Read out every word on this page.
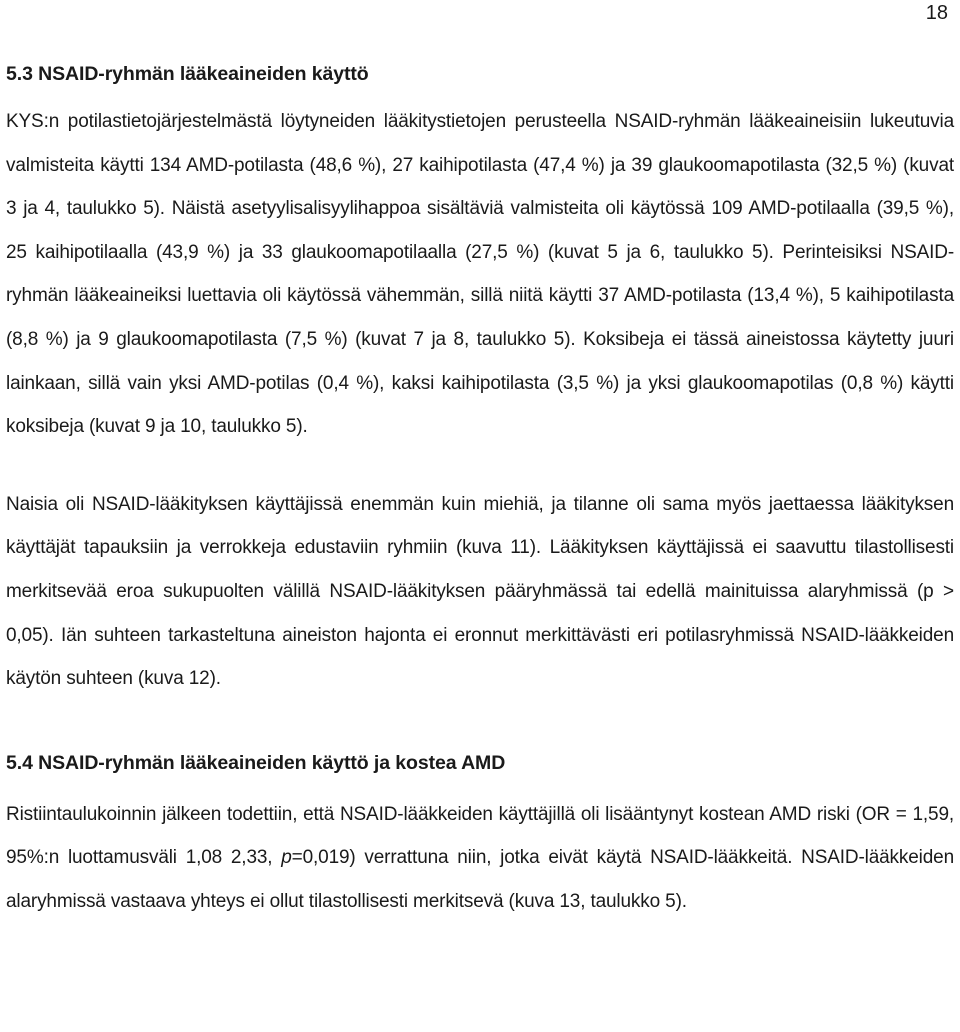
18
5.3 NSAID-ryhmän lääkeaineiden käyttö

KYS:n potilastietojärjestelmästä löytyneiden lääkitystietojen perusteella NSAID-ryhmän lääkeaineisiin lukeutuvia valmisteita käytti 134 AMD-potilasta (48,6 %), 27 kaihipotilasta (47,4 %) ja 39 glaukoomapotilasta (32,5 %) (kuvat 3 ja 4, taulukko 5). Näistä asetyylisalisyylihappoa sisältäviä valmisteita oli käytössä 109 AMD-potilaalla (39,5 %), 25 kaihipotilaalla (43,9 %) ja 33 glaukoomapotilaalla (27,5 %) (kuvat 5 ja 6, taulukko 5). Perinteisiksi NSAID-ryhmän lääkeaineiksi luettavia oli käytössä vähemmän, sillä niitä käytti 37 AMD-potilasta (13,4 %), 5 kaihipotilasta (8,8 %) ja 9 glaukoomapotilasta (7,5 %) (kuvat 7 ja 8, taulukko 5). Koksibeja ei tässä aineistossa käytetty juuri lainkaan, sillä vain yksi AMD-potilas (0,4 %), kaksi kaihipotilasta (3,5 %) ja yksi glaukoomapotilas (0,8 %) käytti koksibeja (kuvat 9 ja 10, taulukko 5).

Naisia oli NSAID-lääkityksen käyttäjissä enemmän kuin miehiä, ja tilanne oli sama myös jaettaessa lääkityksen käyttäjät tapauksiin ja verrokkeja edustaviin ryhmiin (kuva 11). Lääkityksen käyttäjissä ei saavuttu tilastollisesti merkitsevää eroa sukupuolten välillä NSAID-lääkityksen pääryhmässä tai edellä mainituissa alaryhmissä (p > 0,05). Iän suhteen tarkasteltuna aineiston hajonta ei eronnut merkittävästi eri potilasryhmissä NSAID-lääkkeiden käytön suhteen (kuva 12).

5.4 NSAID-ryhmän lääkeaineiden käyttö ja kostea AMD

Ristiintaulukoinnin jälkeen todettiin, että NSAID-lääkkeiden käyttäjillä oli lisääntynyt kostean AMD riski (OR = 1,59, 95%:n luottamusväli 1,08 2,33, p=0,019) verrattuna niin, jotka eivät käytä NSAID-lääkkeitä. NSAID-lääkkeiden alaryhmissä vastaava yhteys ei ollut tilastollisesti merkitsevä (kuva 13, taulukko 5).
